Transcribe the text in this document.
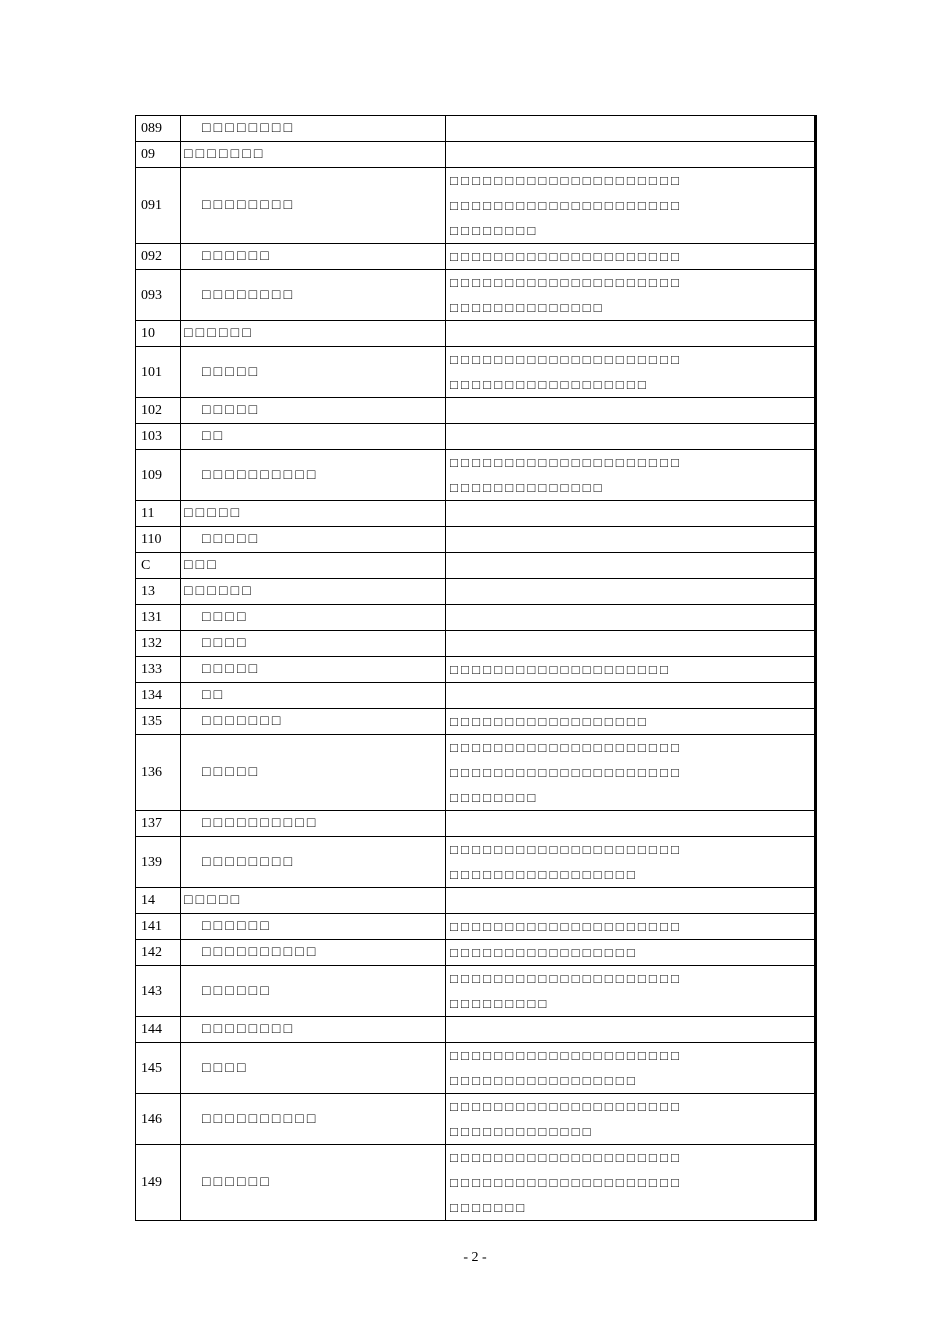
089	□□□□□□□□	

09	□□□□□□□	

091	□□□□□□□□	□□□□□□□□□□□□□□□□□□□□□
□□□□□□□□□□□□□□□□□□□□□
□□□□□□□□

092	□□□□□□	□□□□□□□□□□□□□□□□□□□□□

093	□□□□□□□□	□□□□□□□□□□□□□□□□□□□□□
□□□□□□□□□□□□□□

10	□□□□□□	

101	□□□□□	□□□□□□□□□□□□□□□□□□□□□
□□□□□□□□□□□□□□□□□□

102	□□□□□	

103	□□	

109	□□□□□□□□□□	□□□□□□□□□□□□□□□□□□□□□
□□□□□□□□□□□□□□

11	□□□□□	

110	□□□□□	

C	□□□	

13	□□□□□□	

131	□□□□	

132	□□□□	

133	□□□□□	□□□□□□□□□□□□□□□□□□□□

134	□□	

135	□□□□□□□	□□□□□□□□□□□□□□□□□□

136	□□□□□	□□□□□□□□□□□□□□□□□□□□□
□□□□□□□□□□□□□□□□□□□□□
□□□□□□□□

137	□□□□□□□□□□	

139	□□□□□□□□	□□□□□□□□□□□□□□□□□□□□□
□□□□□□□□□□□□□□□□□

14	□□□□□	

141	□□□□□□	□□□□□□□□□□□□□□□□□□□□□

142	□□□□□□□□□□	□□□□□□□□□□□□□□□□□

143	□□□□□□	□□□□□□□□□□□□□□□□□□□□□
□□□□□□□□□

144	□□□□□□□□	

145	□□□□	□□□□□□□□□□□□□□□□□□□□□
□□□□□□□□□□□□□□□□□

146	□□□□□□□□□□	□□□□□□□□□□□□□□□□□□□□□
□□□□□□□□□□□□□

149	□□□□□□	□□□□□□□□□□□□□□□□□□□□□
□□□□□□□□□□□□□□□□□□□□□
□□□□□□□
- 2 -
